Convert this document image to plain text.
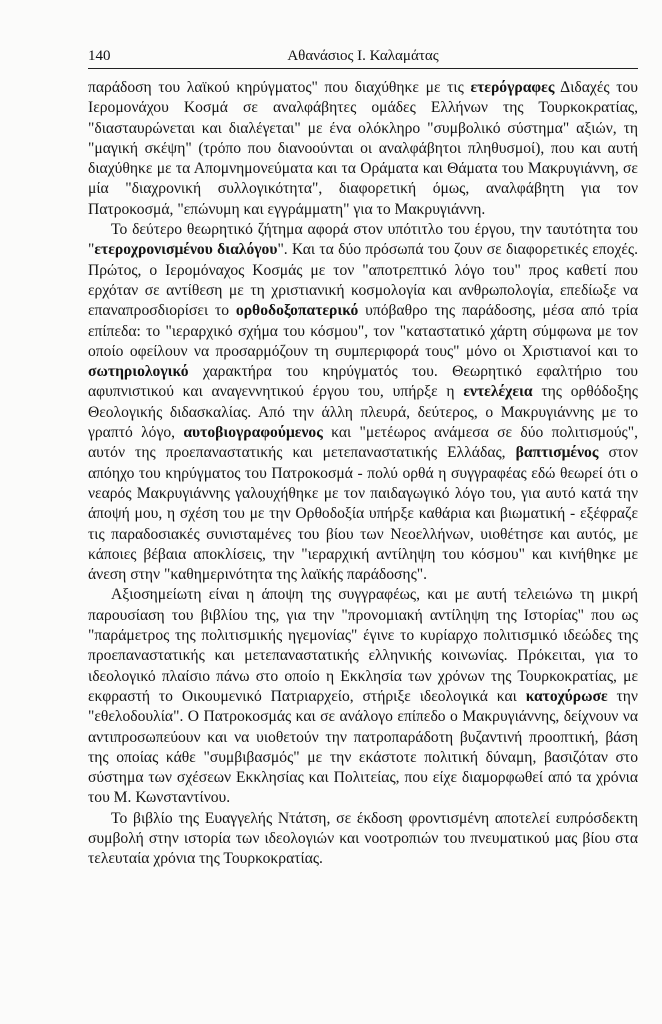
140	Αθανάσιος Ι. Καλαμάτας

παράδοση του λαϊκού κηρύγματος" που διαχύθηκε με τις ετερόγραφες Διδαχές του Ιερομονάχου Κοσμά σε αναλφάβητες ομάδες Ελλήνων της Τουρκοκρατίας, "διασταυρώνεται και διαλέγεται" με ένα ολόκληρο "συμβολικό σύστημα" αξιών, τη "μαγική σκέψη" (τρόπο που διανοούνται οι αναλφάβητοι πληθυσμοί), που και αυτή διαχύθηκε με τα Απομνημονεύματα και τα Οράματα και Θάματα του Μακρυγιάννη, σε μία "διαχρονική συλλογικότητα", διαφορετική όμως, αναλφάβητη για τον Πατροκοσμά, "επώνυμη και εγγράμματη" για το Μακρυγιάννη.

Το δεύτερο θεωρητικό ζήτημα αφορά στον υπότιτλο του έργου, την ταυτότητα του "ετεροχρονισμένου διαλόγου". Και τα δύο πρόσωπά του ζουν σε διαφορετικές εποχές. Πρώτος, ο Ιερομόναχος Κοσμάς με τον "αποτρεπτικό λόγο του" προς καθετί που ερχόταν σε αντίθεση με τη χριστιανική κοσμολογία και ανθρωπολογία, επεδίωξε να επαναπροσδιορίσει το ορθοδοξοπατερικό υπόβαθρο της παράδοσης, μέσα από τρία επίπεδα: το "ιεραρχικό σχήμα του κόσμου", τον "καταστατικό χάρτη σύμφωνα με τον οποίο οφείλουν να προσαρμόζουν τη συμπεριφορά τους" μόνο οι Χριστιανοί και το σωτηριολογικό χαρακτήρα του κηρύγματός του. Θεωρητικό εφαλτήριο του αφυπνιστικού και αναγεννητικού έργου του, υπήρξε η εντελέχεια της ορθόδοξης Θεολογικής διδασκαλίας. Από την άλλη πλευρά, δεύτερος, ο Μακρυγιάννης με το γραπτό λόγο, αυτοβιογραφούμενος και "μετέωρος ανάμεσα σε δύο πολιτισμούς", αυτόν της προεπαναστατικής και μετεπαναστατικής Ελλάδας, βαπτισμένος στον απόηχο του κηρύγματος του Πατροκοσμά - πολύ ορθά η συγγραφέας εδώ θεωρεί ότι ο νεαρός Μακρυγιάννης γαλουχήθηκε με τον παιδαγωγικό λόγο του, για αυτό κατά την άποψή μου, η σχέση του με την Ορθοδοξία υπήρξε καθάρια και βιωματική - εξέφραζε τις παραδοσιακές συνισταμένες του βίου των Νεοελλήνων, υιοθέτησε και αυτός, με κάποιες βέβαια αποκλίσεις, την "ιεραρχική αντίληψη του κόσμου" και κινήθηκε με άνεση στην "καθημερινότητα της λαϊκής παράδοσης".

Αξιοσημείωτη είναι η άποψη της συγγραφέως, και με αυτή τελειώνω τη μικρή παρουσίαση του βιβλίου της, για την "προνομιακή αντίληψη της Ιστορίας" που ως "παράμετρος της πολιτισμικής ηγεμονίας" έγινε το κυρίαρχο πολιτισμικό ιδεώδες της προεπαναστατικής και μετεπαναστατικής ελληνικής κοινωνίας. Πρόκειται, για το ιδεολογικό πλαίσιο πάνω στο οποίο η Εκκλησία των χρόνων της Τουρκοκρατίας, με εκφραστή το Οικουμενικό Πατριαρχείο, στήριξε ιδεολογικά και κατοχύρωσε την "εθελοδουλία". Ο Πατροκοσμάς και σε ανάλογο επίπεδο ο Μακρυγιάννης, δείχνουν να αντιπροσωπεύουν και να υιοθετούν την πατροπαράδοτη βυζαντινή προοπτική, βάση της οποίας κάθε "συμβιβασμός" με την εκάστοτε πολιτική δύναμη, βασιζόταν στο σύστημα των σχέσεων Εκκλησίας και Πολιτείας, που είχε διαμορφωθεί από τα χρόνια του Μ. Κωνσταντίνου.

Το βιβλίο της Ευαγγελής Ντάτση, σε έκδοση φροντισμένη αποτελεί ευπρόσδεκτη συμβολή στην ιστορία των ιδεολογιών και νοοτροπιών του πνευματικού μας βίου στα τελευταία χρόνια της Τουρκοκρατίας.
